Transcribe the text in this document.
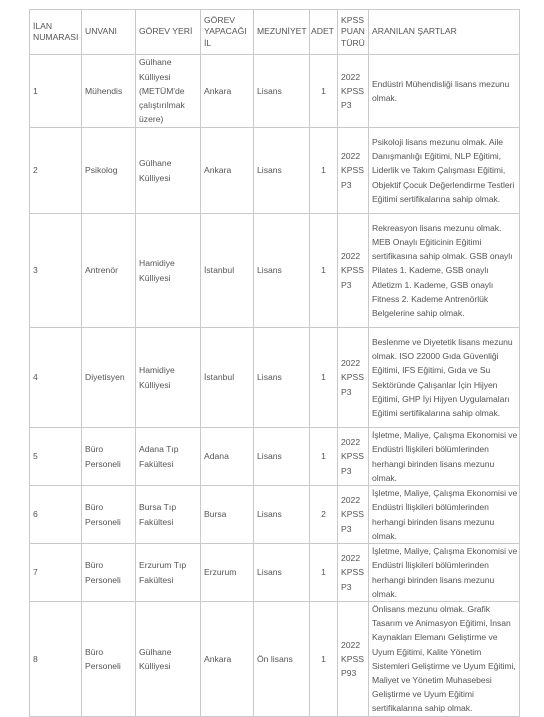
İLAN NUMARASI	UNVANI	GÖREV YERİ	GÖREV YAPACAĞI İL	MEZUNİYET	ADET	KPSS PUAN TÜRÜ	ARANILAN ŞARTLAR
1	Mühendis	Gülhane Külliyesi (METÜM'de çalıştırılmak üzere)	Ankara	Lisans	1	2022 KPSS P3	Endüstri Mühendisliği lisans mezunu olmak.
2	Psikolog	Gülhane Külliyesi	Ankara	Lisans	1	2022 KPSS P3	Psikoloji lisans mezunu olmak. Aile Danışmanlığı Eğitimi, NLP Eğitimi, Liderlik ve Takım Çalışması Eğitimi, Objektif Çocuk Değerlendirme Testleri Eğitimi sertifikalarına sahip olmak.
3	Antrenör	Hamidiye Külliyesi	İstanbul	Lisans	1	2022 KPSS P3	Rekreasyon lisans mezunu olmak. MEB Onaylı Eğiticinin Eğitimi sertifikasına sahip olmak. GSB onaylı Pilates 1. Kademe, GSB onaylı Atletizm 1. Kademe, GSB onaylı Fitness 2. Kademe Antrenörlük Belgelerine sahip olmak.
4	Diyetisyen	Hamidiye Külliyesi	İstanbul	Lisans	1	2022 KPSS P3	Beslenme ve Diyetetik lisans mezunu olmak. ISO 22000 Gıda Güvenliği Eğitimi, IFS Eğitimi, Gıda ve Su Sektöründe Çalışanlar İçin Hijyen Eğitimi, GHP İyi Hijyen Uygulamaları Eğitimi sertifikalarına sahip olmak.
5	Büro Personeli	Adana Tıp Fakültesi	Adana	Lisans	1	2022 KPSS P3	İşletme, Maliye, Çalışma Ekonomisi ve Endüstri İlişkileri bölümlerinden herhangi birinden lisans mezunu olmak.
6	Büro Personeli	Bursa Tıp Fakültesi	Bursa	Lisans	2	2022 KPSS P3	İşletme, Maliye, Çalışma Ekonomisi ve Endüstri İlişkileri bölümlerinden herhangi birinden lisans mezunu olmak.
7	Büro Personeli	Erzurum Tıp Fakültesi	Erzurum	Lisans	1	2022 KPSS P3	İşletme, Maliye, Çalışma Ekonomisi ve Endüstri İlişkileri bölümlerinden herhangi birinden lisans mezunu olmak.
8	Büro Personeli	Gülhane Külliyesi	Ankara	Ön lisans	1	2022 KPSS P93	Önlisans mezunu olmak. Grafik Tasarım ve Animasyon Eğitimi, İnsan Kaynakları Elemanı Geliştirme ve Uyum Eğitimi, Kalite Yönetim Sistemleri Geliştirme ve Uyum Eğitimi, Maliyet ve Yönetim Muhasebesi Geliştirme ve Uyum Eğitimi sertifikalarına sahip olmak.
